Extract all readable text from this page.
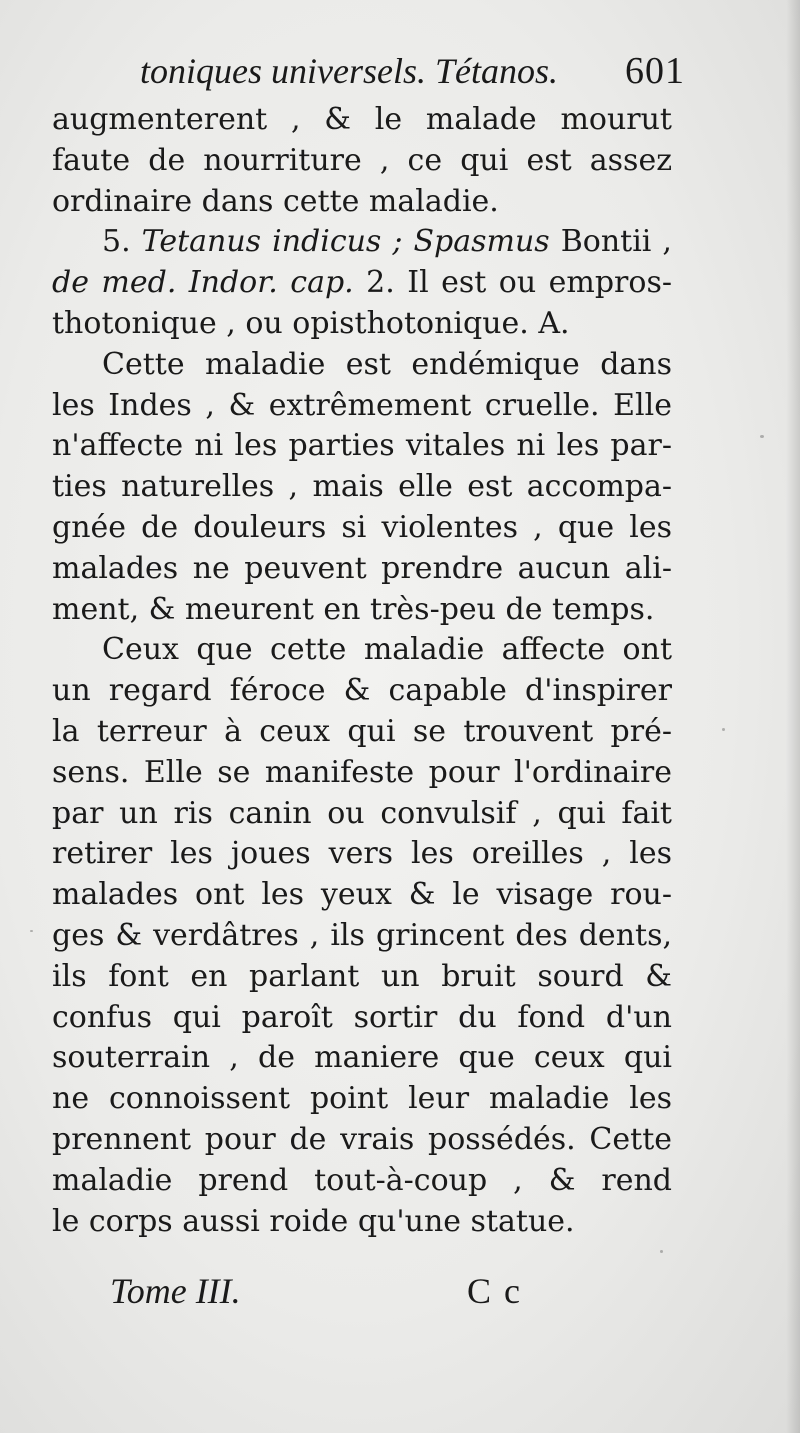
toniques universels. Tétanos. 601
augmenterent , & le malade mourut
faute de nourriture , ce qui est assez
ordinaire dans cette maladie.
5. Tetanus indicus ; Spasmus Bontii ,
de med. Indor. cap. 2. Il est ou empros-
thotonique , ou opisthotonique. A.
Cette maladie est endémique dans
les Indes , & extrêmement cruelle. Elle
n'affecte ni les parties vitales ni les par-
ties naturelles , mais elle est accompa-
gnée de douleurs si violentes , que les
malades ne peuvent prendre aucun ali-
ment, & meurent en très-peu de temps.
Ceux que cette maladie affecte ont
un regard féroce & capable d'inspirer
la terreur à ceux qui se trouvent pré-
sens. Elle se manifeste pour l'ordinaire
par un ris canin ou convulsif , qui fait
retirer les joues vers les oreilles , les
malades ont les yeux & le visage rou-
ges & verdâtres , ils grincent des dents,
ils font en parlant un bruit sourd &
confus qui paroît sortir du fond d'un
souterrain , de maniere que ceux qui
ne connoissent point leur maladie les
prennent pour de vrais possédés. Cette
maladie prend tout-à-coup , & rend
le corps aussi roide qu'une statue.
Tome III.	C c
